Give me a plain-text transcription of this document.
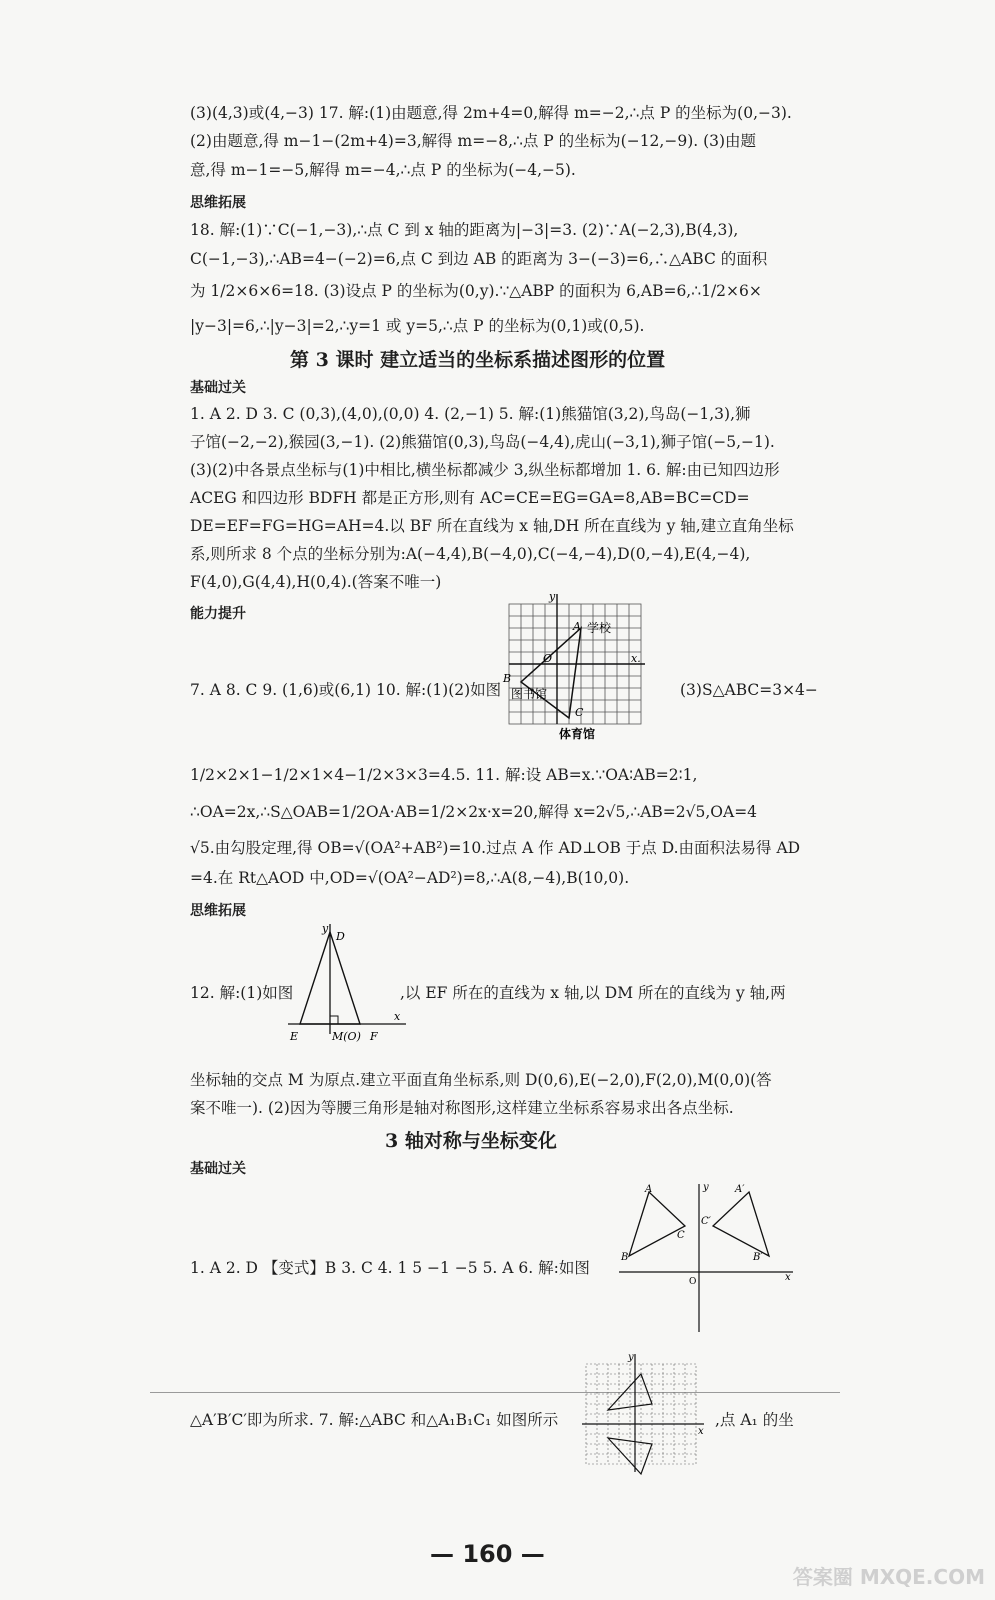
(3)(4,3)或(4,−3) 17. 解:(1)由题意,得 2m+4=0,解得 m=−2,∴点 P 的坐标为(0,−3).
(2)由题意,得 m−1−(2m+4)=3,解得 m=−8,∴点 P 的坐标为(−12,−9). (3)由题
意,得 m−1=−5,解得 m=−4,∴点 P 的坐标为(−4,−5).
思维拓展
18. 解:(1)∵C(−1,−3),∴点 C 到 x 轴的距离为|−3|=3. (2)∵A(−2,3),B(4,3),
C(−1,−3),∴AB=4−(−2)=6,点 C 到边 AB 的距离为 3−(−3)=6,∴△ABC 的面积
为 1/2×6×6=18. (3)设点 P 的坐标为(0,y).∵△ABP 的面积为 6,AB=6,∴1/2×6×
|y−3|=6,∴|y−3|=2,∴y=1 或 y=5,∴点 P 的坐标为(0,1)或(0,5).
第 3 课时 建立适当的坐标系描述图形的位置
基础过关
1. A 2. D 3. C (0,3),(4,0),(0,0) 4. (2,−1) 5. 解:(1)熊猫馆(3,2),鸟岛(−1,3),狮
子馆(−2,−2),猴园(3,−1). (2)熊猫馆(0,3),鸟岛(−4,4),虎山(−3,1),狮子馆(−5,−1).
(3)(2)中各景点坐标与(1)中相比,横坐标都减少 3,纵坐标都增加 1. 6. 解:由已知四边形
ACEG 和四边形 BDFH 都是正方形,则有 AC=CE=EG=GA=8,AB=BC=CD=
DE=EF=FG=HG=AH=4.以 BF 所在直线为 x 轴,DH 所在直线为 y 轴,建立直角坐标
系,则所求 8 个点的坐标分别为:A(−4,4),B(−4,0),C(−4,−4),D(0,−4),E(4,−4),
F(4,0),G(4,4),H(0,4).(答案不唯一)
能力提升
y
A 学校
O	x.
B
图书馆
C
体育馆
7. A 8. C 9. (1,6)或(6,1) 10. 解:(1)(2)如图	(3)S△ABC=3×4−
1/2×2×1−1/2×1×4−1/2×3×3=4.5. 11. 解:设 AB=x.∵OA∶AB=2∶1,
∴OA=2x,∴S△OAB=1/2OA·AB=1/2×2x·x=20,解得 x=2√5,∴AB=2√5,OA=4
√5.由勾股定理,得 OB=√(OA²+AB²)=10.过点 A 作 AD⊥OB 于点 D.由面积法易得 AD
=4.在 Rt△AOD 中,OD=√(OA²−AD²)=8,∴A(8,−4),B(10,0).
思维拓展
y
D
E	M(O) F
x
12. 解:(1)如图	,以 EF 所在的直线为 x 轴,以 DM 所在的直线为 y 轴,两
坐标轴的交点 M 为原点.建立平面直角坐标系,则 D(0,6),E(−2,0),F(2,0),M(0,0)(答
案不唯一). (2)因为等腰三角形是轴对称图形,这样建立坐标系容易求出各点坐标.
3 轴对称与坐标变化
基础过关
A
B
C
A′
B′
C′
y
x
O
1. A 2. D 【变式】B 3. C 4. 1 5 −1 −5 5. A 6. 解:如图
y
x
△A′B′C′即为所求. 7. 解:△ABC 和△A₁B₁C₁ 如图所示	,点 A₁ 的坐
— 160 —
答案圈 MXQE.COM
